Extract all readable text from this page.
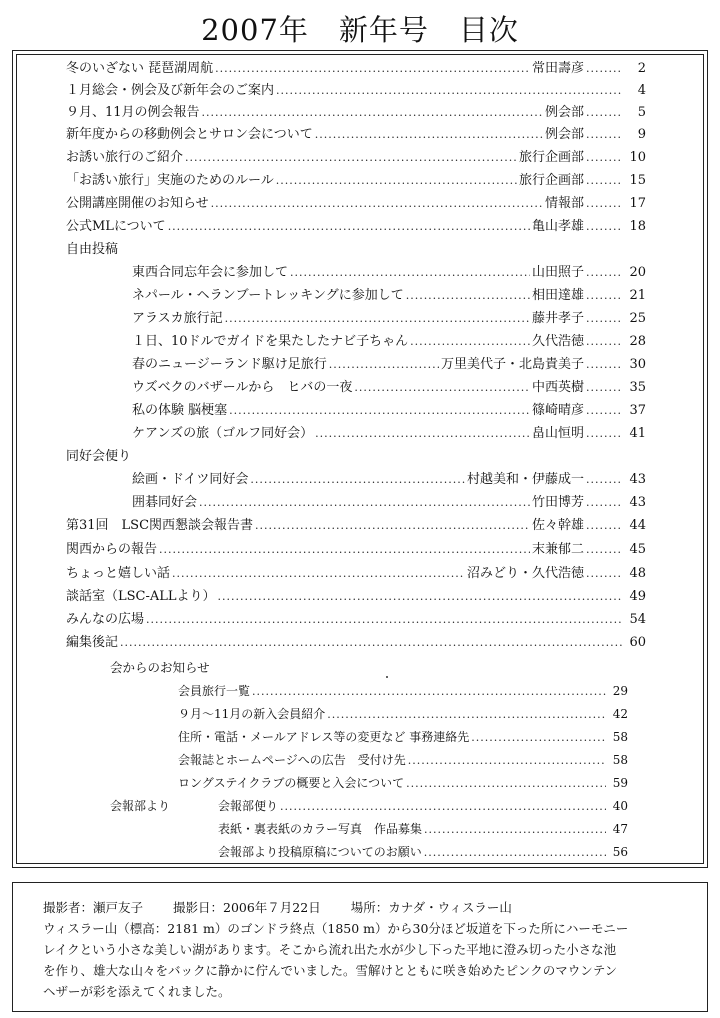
2007年　新年号　目次
冬のいざない 琵琶湖周航 .....	常田壽彦 .....	2
１月総会・例会及び新年会のご案内 .....	4
９月、11月の例会報告 .....	例会部 .....	5
新年度からの移動例会とサロン会について .....	例会部 .....	9
お誘い旅行のご紹介 .....	旅行企画部 .....	10
「お誘い旅行」実施のためのルール .....	旅行企画部 .....	15
公開講座開催のお知らせ .....	情報部 .....	17
公式MLについて .....	亀山孝雄 .....	18
自由投稿
東西合同忘年会に参加して .....	山田照子 .....	20
ネパール・ヘランブートレッキングに参加して .....	相田達雄 .....	21
アラスカ旅行記 .....	藤井孝子 .....	25
１日、10ドルでガイドを果たしたナビ子ちゃん .....	久代浩徳 .....	28
春のニュージーランド駆け足旅行 .....	万里美代子・北島貴美子 .....	30
ウズベクのバザールから　ヒバの一夜 .....	中西英樹 .....	35
私の体験 脳梗塞 .....	篠崎晴彦 .....	37
ケアンズの旅（ゴルフ同好会） .....	畠山恒明 .....	41
同好会便り
絵画・ドイツ同好会 .....	村越美和・伊藤成一 .....	43
囲碁同好会 .....	竹田博芳 .....	43
第31回　LSC関西懇談会報告書 .....	佐々幹雄 .....	44
関西からの報告 .....	末兼郁二 .....	45
ちょっと嬉しい話 .....	沼みどり・久代浩徳 .....	48
談話室（LSC-ALLより） .....	49
みんなの広場 .....	54
編集後記 .....	60
会からのお知らせ
会員旅行一覧 .....	29
９月～11月の新入会員紹介 .....	42
住所・電話・メールアドレス等の変更など 事務連絡先 .....	58
会報誌とホームページへの広告　受付け先 .....	58
ロングステイクラブの概要と入会について .....	59
会報部より	会報部便り .....	40
表紙・裏表紙のカラー写真　作品募集 .....	47
会報部より投稿原稿についてのお願い .....	56
撮影者：瀬戸友子 撮影日：2006年７月22日 場所：カナダ・ウィスラー山
ウィスラー山（標高：2181 m）のゴンドラ終点（1850 m）から30分ほど坂道を下った所にハーモニー
レイクという小さな美しい湖があります。そこから流れ出た水が少し下った平地に澄み切った小さな池
を作り、雄大な山々をバックに静かに佇んでいました。雪解けとともに咲き始めたピンクのマウンテン
ヘザーが彩を添えてくれました。
